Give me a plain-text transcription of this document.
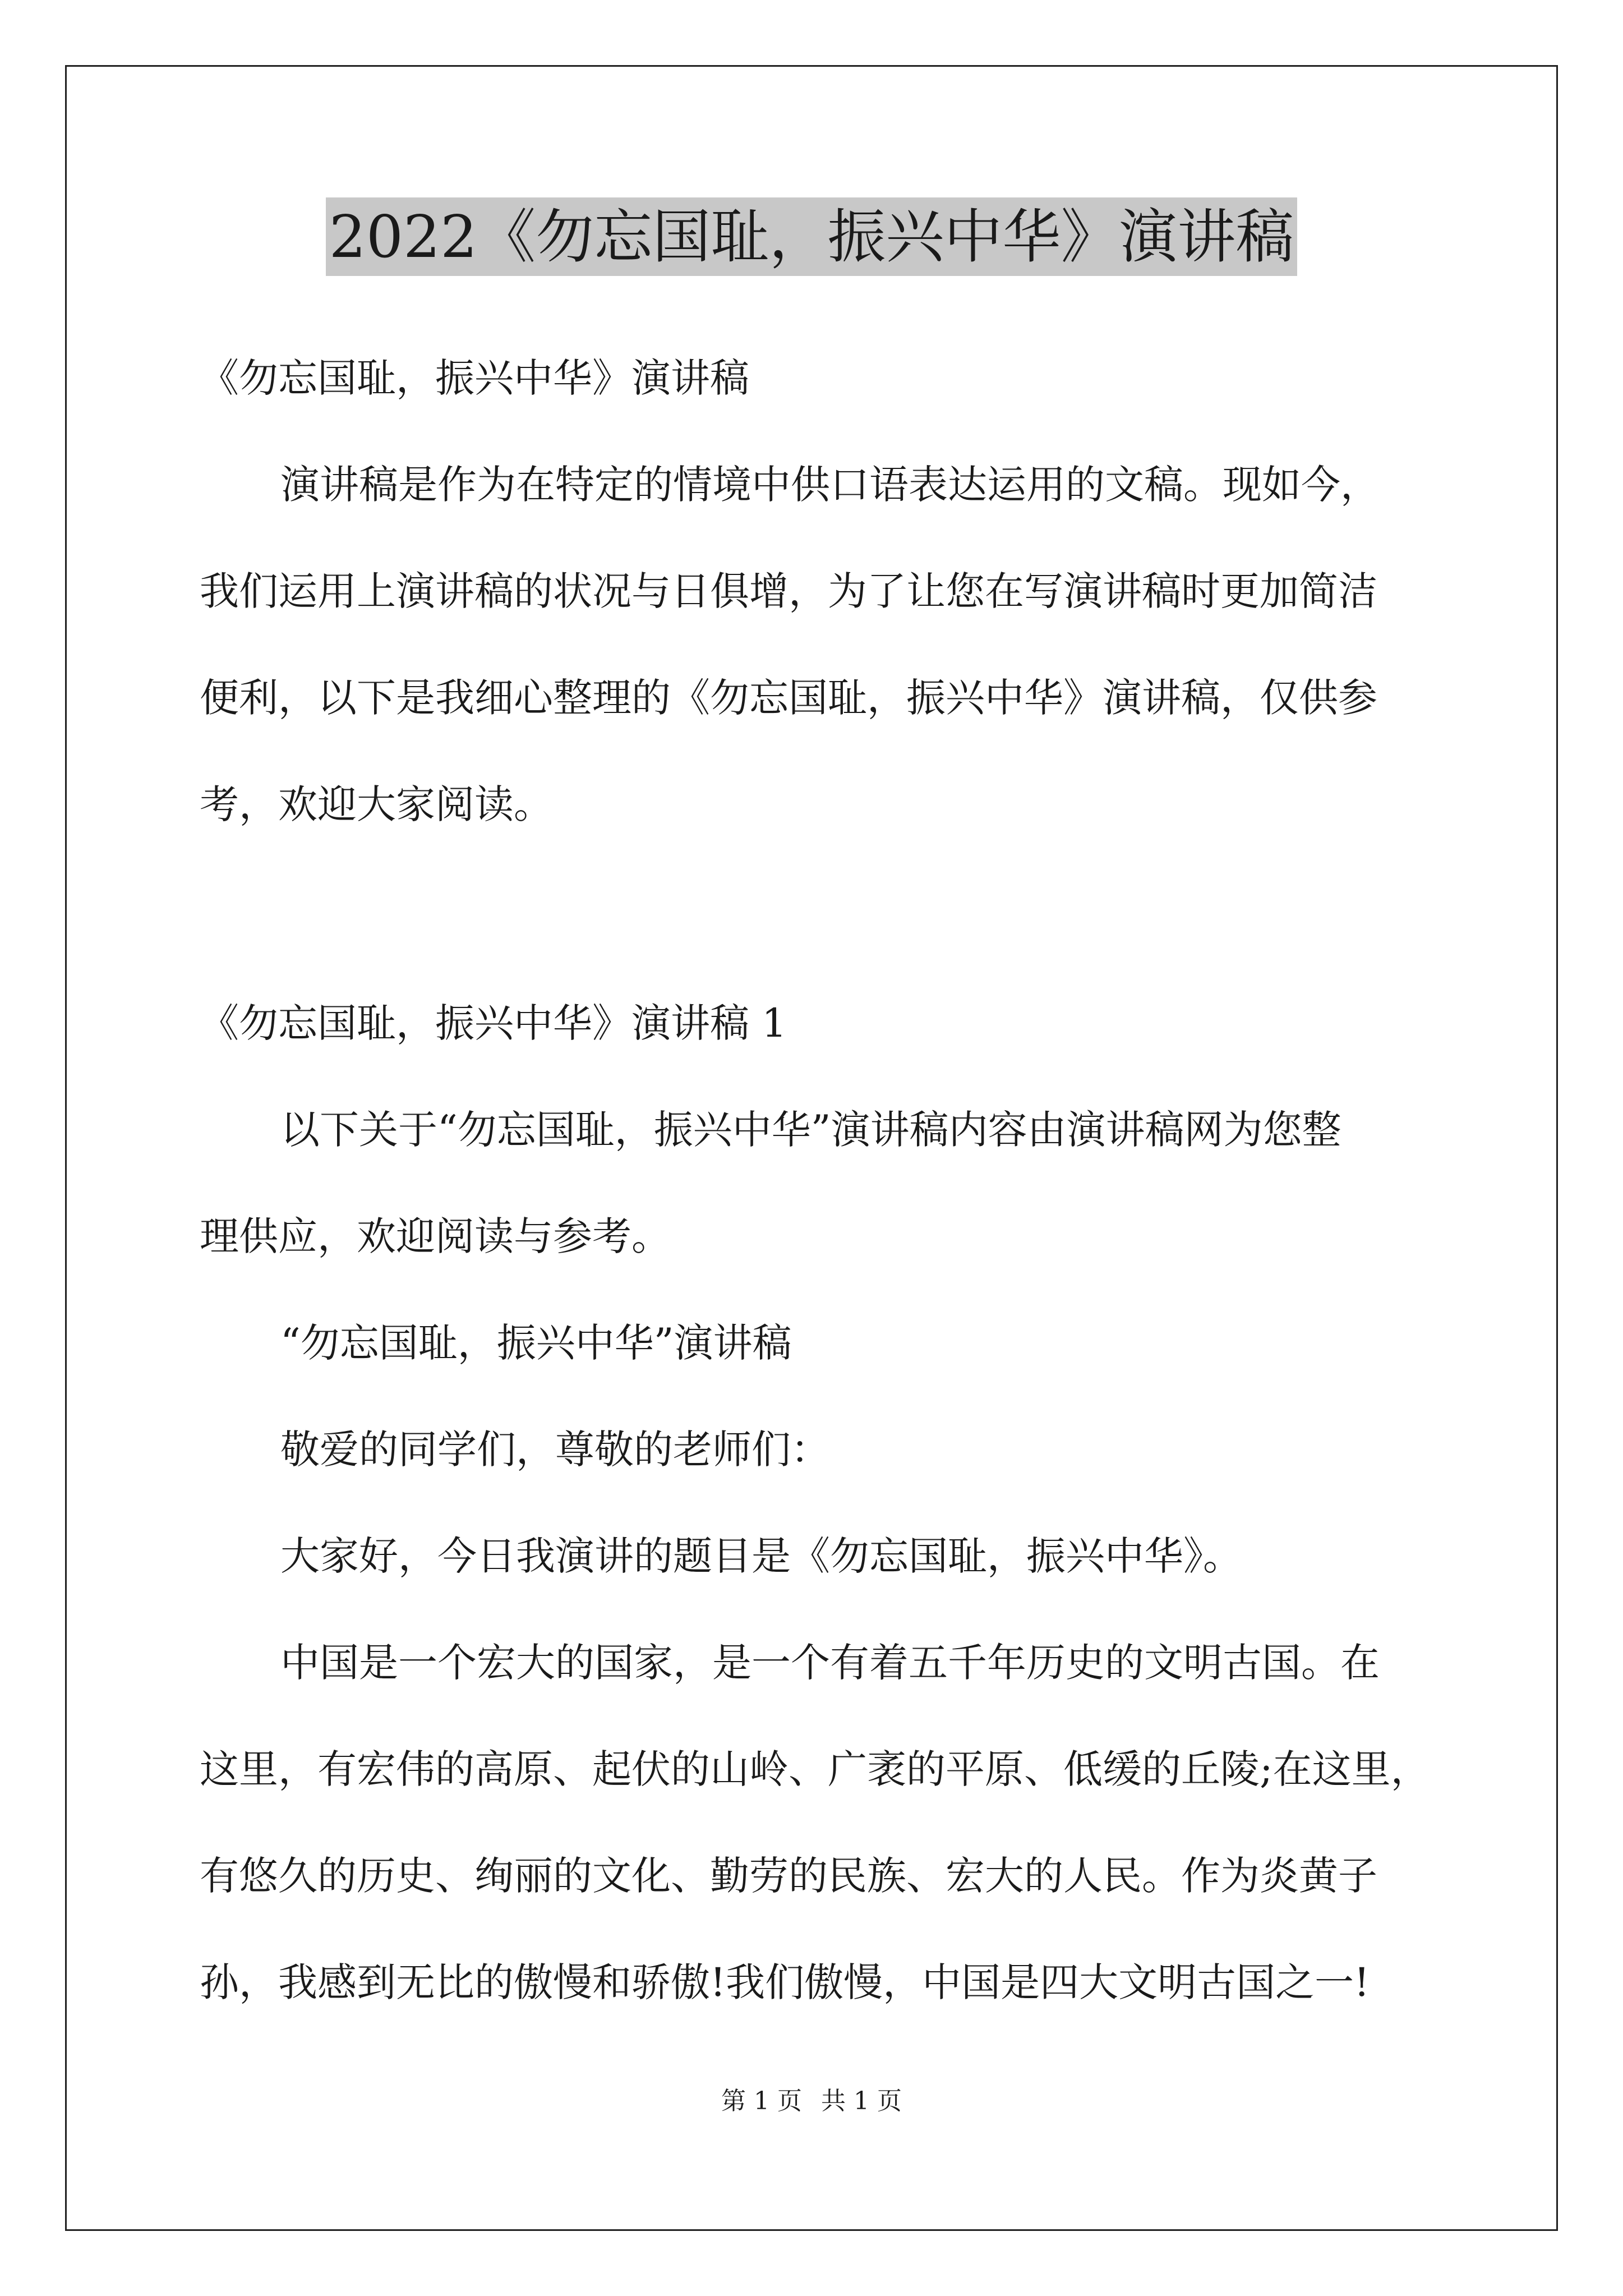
2022《勿忘国耻，振兴中华》演讲稿
《勿忘国耻，振兴中华》演讲稿
演讲稿是作为在特定的情境中供口语表达运用的文稿。现如今，
我们运用上演讲稿的状况与日俱增，为了让您在写演讲稿时更加简洁
便利，以下是我细心整理的《勿忘国耻，振兴中华》演讲稿，仅供参
考，欢迎大家阅读。
《勿忘国耻，振兴中华》演讲稿 1
以下关于“勿忘国耻，振兴中华”演讲稿内容由演讲稿网为您整
理供应，欢迎阅读与参考。
“勿忘国耻，振兴中华”演讲稿
敬爱的同学们，尊敬的老师们：
大家好，今日我演讲的题目是《勿忘国耻，振兴中华》。
中国是一个宏大的国家，是一个有着五千年历史的文明古国。在
这里，有宏伟的高原、起伏的山岭、广袤的平原、低缓的丘陵;在这里，
有悠久的历史、绚丽的文化、勤劳的民族、宏大的人民。作为炎黄子
孙，我感到无比的傲慢和骄傲!我们傲慢，中国是四大文明古国之一!
第 1 页 共 1 页
